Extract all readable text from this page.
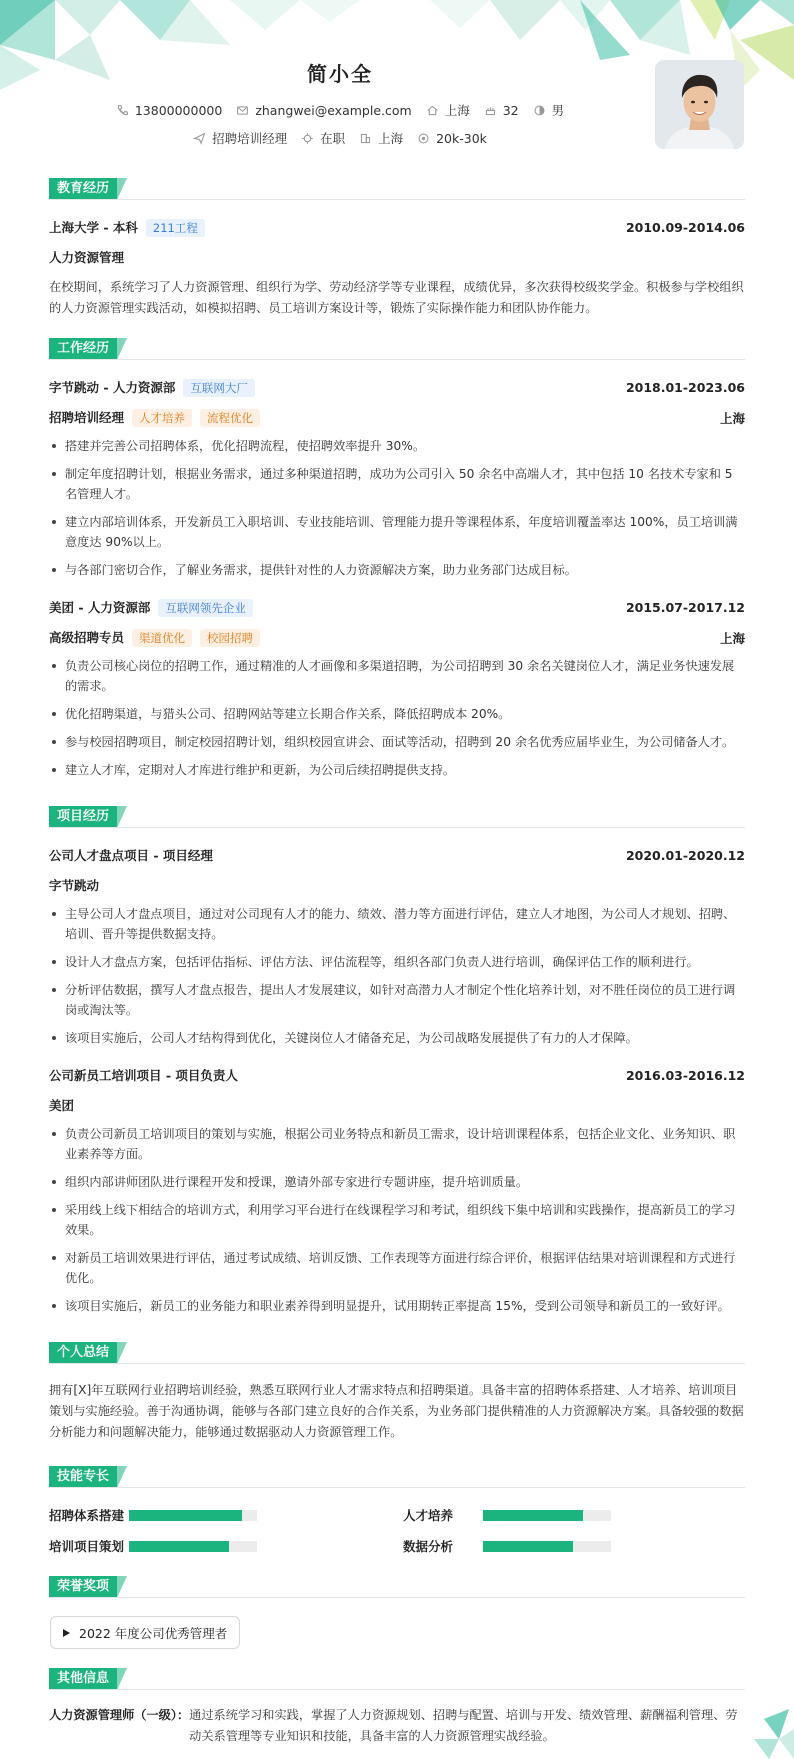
简小全
13800000000	zhangwei@example.com	上海	32	男
招聘培训经理	在职	上海	20k-30k
教育经历
上海大学 - 本科 211工程	2010.09-2014.06
人力资源管理
在校期间，系统学习了人力资源管理、组织行为学、劳动经济学等专业课程，成绩优异，多次获得校级奖学金。积极参与学校组织的人力资源管理实践活动，如模拟招聘、员工培训方案设计等，锻炼了实际操作能力和团队协作能力。
工作经历
字节跳动 - 人力资源部 互联网大厂	2018.01-2023.06
招聘培训经理 人才培养 流程优化	上海
搭建并完善公司招聘体系，优化招聘流程，使招聘效率提升 30%。
制定年度招聘计划，根据业务需求，通过多种渠道招聘，成功为公司引入 50 余名中高端人才，其中包括 10 名技术专家和 5 名管理人才。
建立内部培训体系，开发新员工入职培训、专业技能培训、管理能力提升等课程体系，年度培训覆盖率达 100%，员工培训满意度达 90%以上。
与各部门密切合作，了解业务需求，提供针对性的人力资源解决方案，助力业务部门达成目标。
美团 - 人力资源部 互联网领先企业	2015.07-2017.12
高级招聘专员 渠道优化 校园招聘	上海
负责公司核心岗位的招聘工作，通过精准的人才画像和多渠道招聘，为公司招聘到 30 余名关键岗位人才，满足业务快速发展的需求。
优化招聘渠道，与猎头公司、招聘网站等建立长期合作关系，降低招聘成本 20%。
参与校园招聘项目，制定校园招聘计划，组织校园宣讲会、面试等活动，招聘到 20 余名优秀应届毕业生，为公司储备人才。
建立人才库，定期对人才库进行维护和更新，为公司后续招聘提供支持。
项目经历
公司人才盘点项目 - 项目经理	2020.01-2020.12
字节跳动
主导公司人才盘点项目，通过对公司现有人才的能力、绩效、潜力等方面进行评估，建立人才地图，为公司人才规划、招聘、培训、晋升等提供数据支持。
设计人才盘点方案，包括评估指标、评估方法、评估流程等，组织各部门负责人进行培训，确保评估工作的顺利进行。
分析评估数据，撰写人才盘点报告，提出人才发展建议，如针对高潜力人才制定个性化培养计划，对不胜任岗位的员工进行调岗或淘汰等。
该项目实施后，公司人才结构得到优化，关键岗位人才储备充足，为公司战略发展提供了有力的人才保障。
公司新员工培训项目 - 项目负责人	2016.03-2016.12
美团
负责公司新员工培训项目的策划与实施，根据公司业务特点和新员工需求，设计培训课程体系，包括企业文化、业务知识、职业素养等方面。
组织内部讲师团队进行课程开发和授课，邀请外部专家进行专题讲座，提升培训质量。
采用线上线下相结合的培训方式，利用学习平台进行在线课程学习和考试，组织线下集中培训和实践操作，提高新员工的学习效果。
对新员工培训效果进行评估，通过考试成绩、培训反馈、工作表现等方面进行综合评价，根据评估结果对培训课程和方式进行优化。
该项目实施后，新员工的业务能力和职业素养得到明显提升，试用期转正率提高 15%，受到公司领导和新员工的一致好评。
个人总结
拥有[X]年互联网行业招聘培训经验，熟悉互联网行业人才需求特点和招聘渠道。具备丰富的招聘体系搭建、人才培养、培训项目策划与实施经验。善于沟通协调，能够与各部门建立良好的合作关系，为业务部门提供精准的人力资源解决方案。具备较强的数据分析能力和问题解决能力，能够通过数据驱动人力资源管理工作。
技能专长
招聘体系搭建	人才培养
培训项目策划	数据分析
荣誉奖项
2022 年度公司优秀管理者
其他信息
人力资源管理师（一级）： 通过系统学习和实践，掌握了人力资源规划、招聘与配置、培训与开发、绩效管理、薪酬福利管理、劳动关系管理等专业知识和技能，具备丰富的人力资源管理实战经验。
